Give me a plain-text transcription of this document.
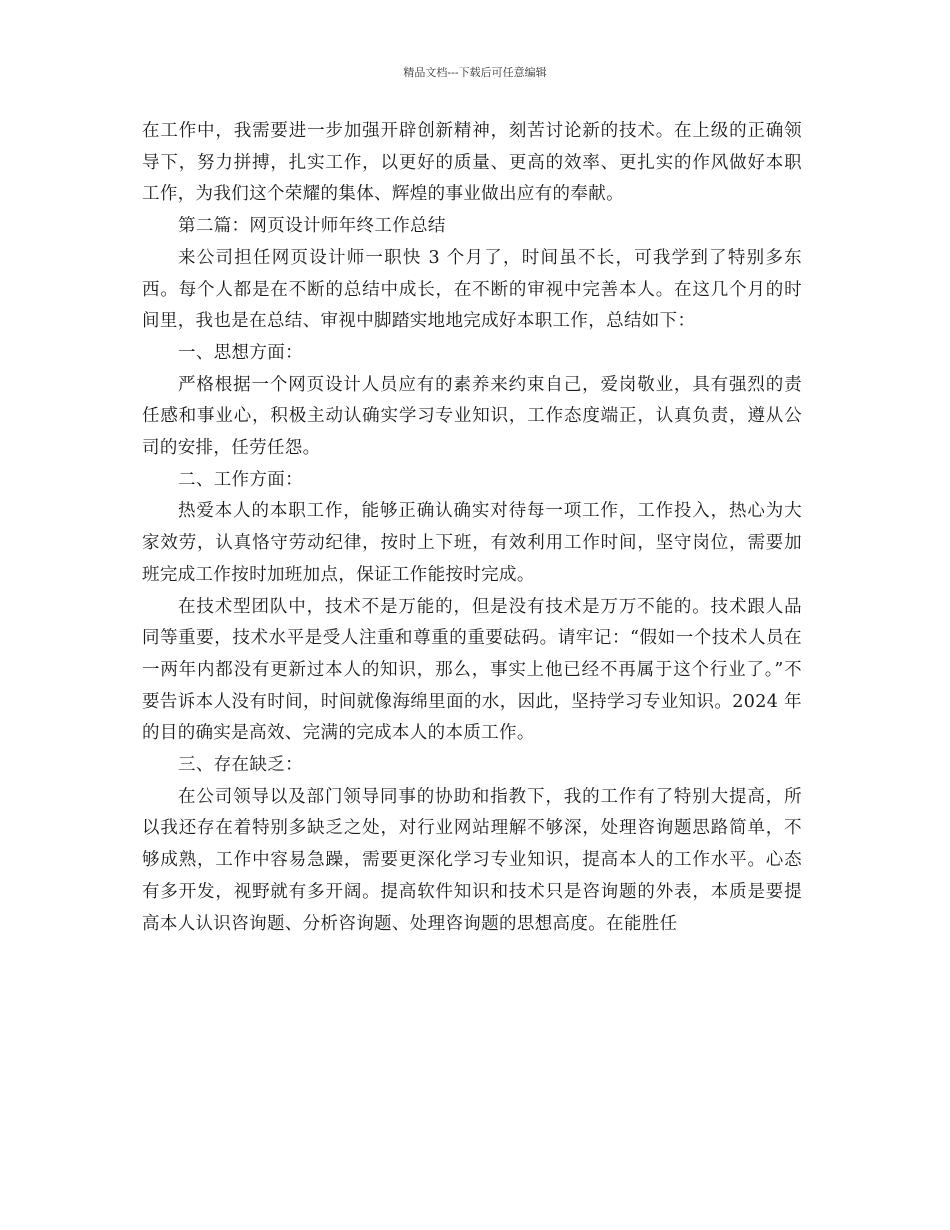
精品文档---下载后可任意编辑

在工作中，我需要进一步加强开辟创新精神，刻苦讨论新的技术。在上级的正确领导下，努力拼搏，扎实工作，以更好的质量、更高的效率、更扎实的作风做好本职工作，为我们这个荣耀的集体、辉煌的事业做出应有的奉献。

第二篇：网页设计师年终工作总结

来公司担任网页设计师一职快 3 个月了，时间虽不长，可我学到了特别多东西。每个人都是在不断的总结中成长，在不断的审视中完善本人。在这几个月的时间里，我也是在总结、审视中脚踏实地地完成好本职工作，总结如下：

一、思想方面：

严格根据一个网页设计人员应有的素养来约束自己，爱岗敬业，具有强烈的责任感和事业心，积极主动认确实学习专业知识，工作态度端正，认真负责，遵从公司的安排，任劳任怨。

二、工作方面：

热爱本人的本职工作，能够正确认确实对待每一项工作，工作投入，热心为大家效劳，认真恪守劳动纪律，按时上下班，有效利用工作时间，坚守岗位，需要加班完成工作按时加班加点，保证工作能按时完成。

在技术型团队中，技术不是万能的，但是没有技术是万万不能的。技术跟人品同等重要，技术水平是受人注重和尊重的重要砝码。请牢记：“假如一个技术人员在一两年内都没有更新过本人的知识，那么，事实上他已经不再属于这个行业了。”不要告诉本人没有时间，时间就像海绵里面的水，因此，坚持学习专业知识。2024 年的目的确实是高效、完满的完成本人的本质工作。

三、存在缺乏：

在公司领导以及部门领导同事的协助和指教下，我的工作有了特别大提高，所以我还存在着特别多缺乏之处，对行业网站理解不够深，处理咨询题思路简单，不够成熟，工作中容易急躁，需要更深化学习专业知识，提高本人的工作水平。心态有多开发，视野就有多开阔。提高软件知识和技术只是咨询题的外表，本质是要提高本人认识咨询题、分析咨询题、处理咨询题的思想高度。在能胜任
